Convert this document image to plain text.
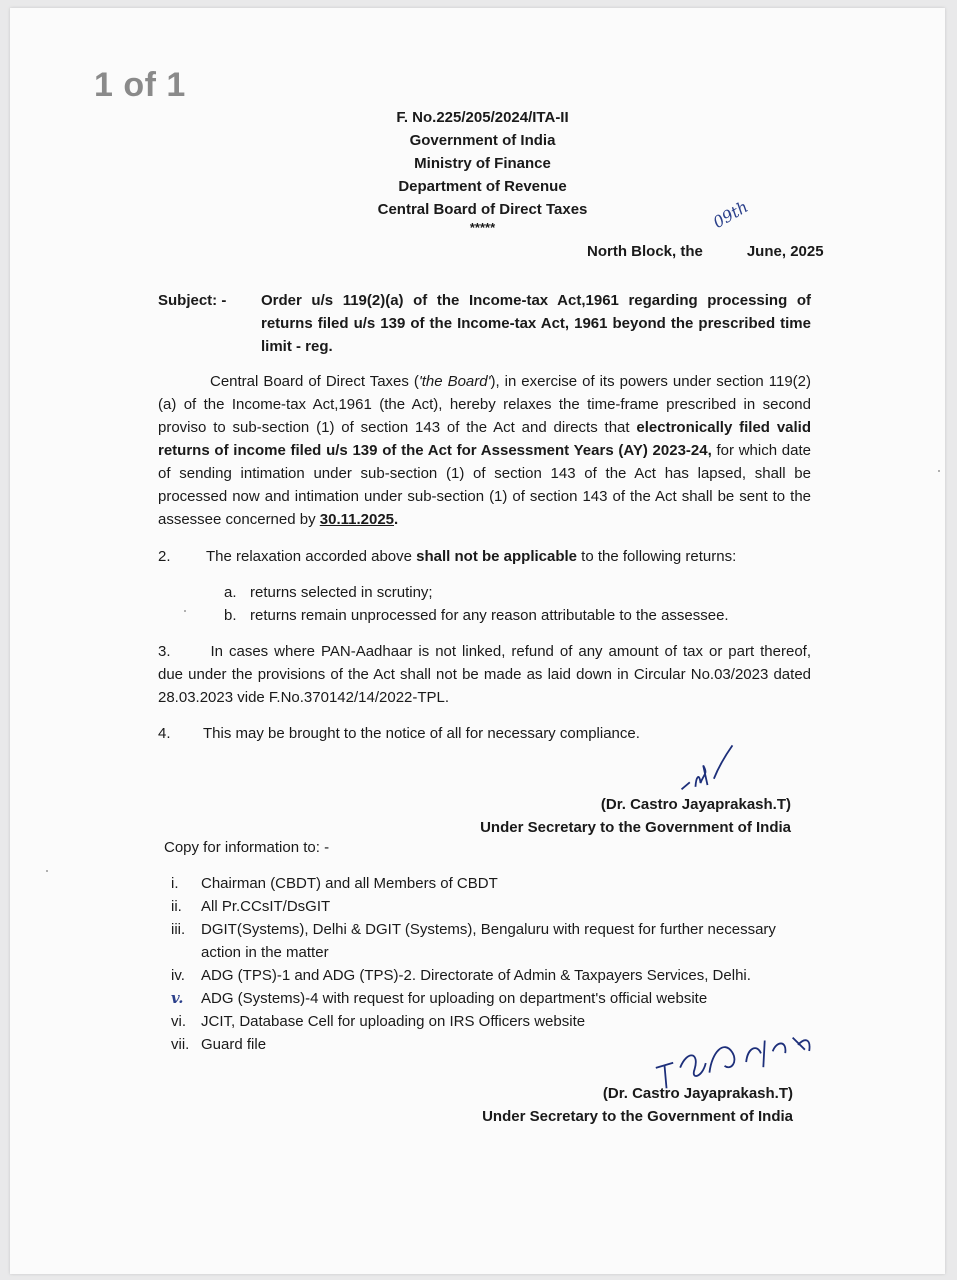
1 of 1
F. No.225/205/2024/ITA-II
Government of India
Ministry of Finance
Department of Revenue
Central Board of Direct Taxes
*****	09th
North Block, the	June, 2025
Subject: - Order u/s 119(2)(a) of the Income-tax Act,1961 regarding processing of returns filed u/s 139 of the Income-tax Act, 1961 beyond the prescribed time limit - reg.
Central Board of Direct Taxes ('the Board'), in exercise of its powers under section 119(2)(a) of the Income-tax Act,1961 (the Act), hereby relaxes the time-frame prescribed in second proviso to sub-section (1) of section 143 of the Act and directs that electronically filed valid returns of income filed u/s 139 of the Act for Assessment Years (AY) 2023-24, for which date of sending intimation under sub-section (1) of section 143 of the Act has lapsed, shall be processed now and intimation under sub-section (1) of section 143 of the Act shall be sent to the assessee concerned by 30.11.2025.
2. The relaxation accorded above shall not be applicable to the following returns:
a. returns selected in scrutiny;
b. returns remain unprocessed for any reason attributable to the assessee.
3.	In cases where PAN-Aadhaar is not linked, refund of any amount of tax or part thereof, due under the provisions of the Act shall not be made as laid down in Circular No.03/2023 dated 28.03.2023 vide F.No.370142/14/2022-TPL.
4. This may be brought to the notice of all for necessary compliance.
(Dr. Castro Jayaprakash.T)
Under Secretary to the Government of India
Copy for information to: -
i.	Chairman (CBDT) and all Members of CBDT
ii.	All Pr.CCsIT/DsGIT
iii.	DGIT(Systems), Delhi & DGIT (Systems), Bengaluru with request for further necessary action in the matter
iv.	ADG (TPS)-1 and ADG (TPS)-2. Directorate of Admin & Taxpayers Services, Delhi.
v.	ADG (Systems)-4 with request for uploading on department's official website
vi.	JCIT, Database Cell for uploading on IRS Officers website
vii. Guard file
(Dr. Castro Jayaprakash.T)
Under Secretary to the Government of India
